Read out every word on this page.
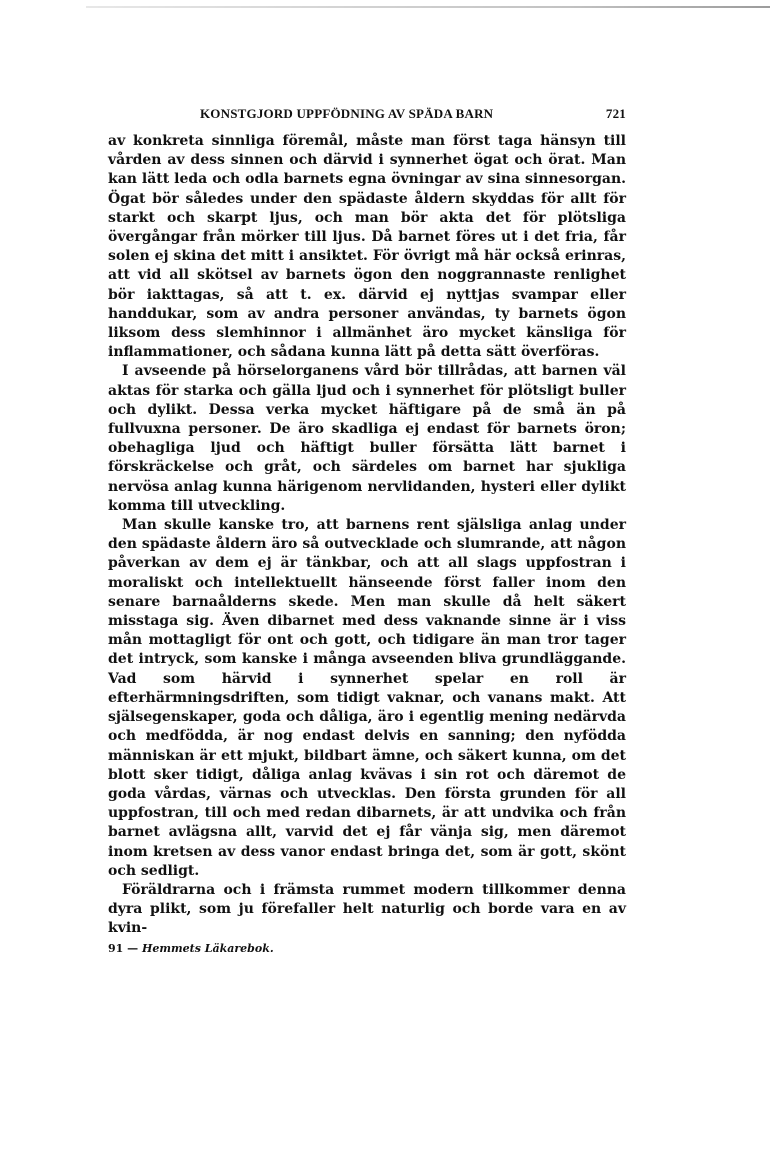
KONSTGJORD UPPFÖDNING AV SPÄDA BARN	721

av konkreta sinnliga föremål, måste man först taga hänsyn till vården av dess sinnen och därvid i synnerhet ögat och örat. Man kan lätt leda och odla barnets egna övningar av sina sinnesorgan. Ögat bör således under den spädaste åldern skyddas för allt för starkt och skarpt ljus, och man bör akta det för plötsliga övergångar från mörker till ljus. Då barnet föres ut i det fria, får solen ej skina det mitt i ansiktet. För övrigt må här också erinras, att vid all skötsel av barnets ögon den noggrannaste renlighet bör iakttagas, så att t. ex. därvid ej nyttjas svampar eller handdukar, som av andra personer användas, ty barnets ögon liksom dess slemhinnor i allmänhet äro mycket känsliga för inflammationer, och sådana kunna lätt på detta sätt överföras.

I avseende på hörselorganens vård bör tillrådas, att barnen väl aktas för starka och gälla ljud och i synnerhet för plötsligt buller och dylikt. Dessa verka mycket häftigare på de små än på fullvuxna personer. De äro skadliga ej endast för barnets öron; obehagliga ljud och häftigt buller försätta lätt barnet i förskräckelse och gråt, och särdeles om barnet har sjukliga nervösa anlag kunna härigenom nervlidanden, hysteri eller dylikt komma till utveckling.

Man skulle kanske tro, att barnens rent själsliga anlag under den spädaste åldern äro så outvecklade och slumrande, att någon påverkan av dem ej är tänkbar, och att all slags uppfostran i moraliskt och intellektuellt hänseende först faller inom den senare barnaålderns skede. Men man skulle då helt säkert misstaga sig. Även dibarnet med dess vaknande sinne är i viss mån mottagligt för ont och gott, och tidigare än man tror tager det intryck, som kanske i många avseenden bliva grundläggande. Vad som härvid i synnerhet spelar en roll är efterhärmningsdriften, som tidigt vaknar, och vanans makt. Att själsegenskaper, goda och dåliga, äro i egentlig mening nedärvda och medfödda, är nog endast delvis en sanning; den nyfödda människan är ett mjukt, bildbart ämne, och säkert kunna, om det blott sker tidigt, dåliga anlag kvävas i sin rot och däremot de goda vårdas, värnas och utvecklas. Den första grunden för all uppfostran, till och med redan dibarnets, är att undvika och från barnet avlägsna allt, varvid det ej får vänja sig, men däremot inom kretsen av dess vanor endast bringa det, som är gott, skönt och sedligt.

Föräldrarna och i främsta rummet modern tillkommer denna dyra plikt, som ju förefaller helt naturlig och borde vara en av kvin-

91 — Hemmets Läkarebok.
